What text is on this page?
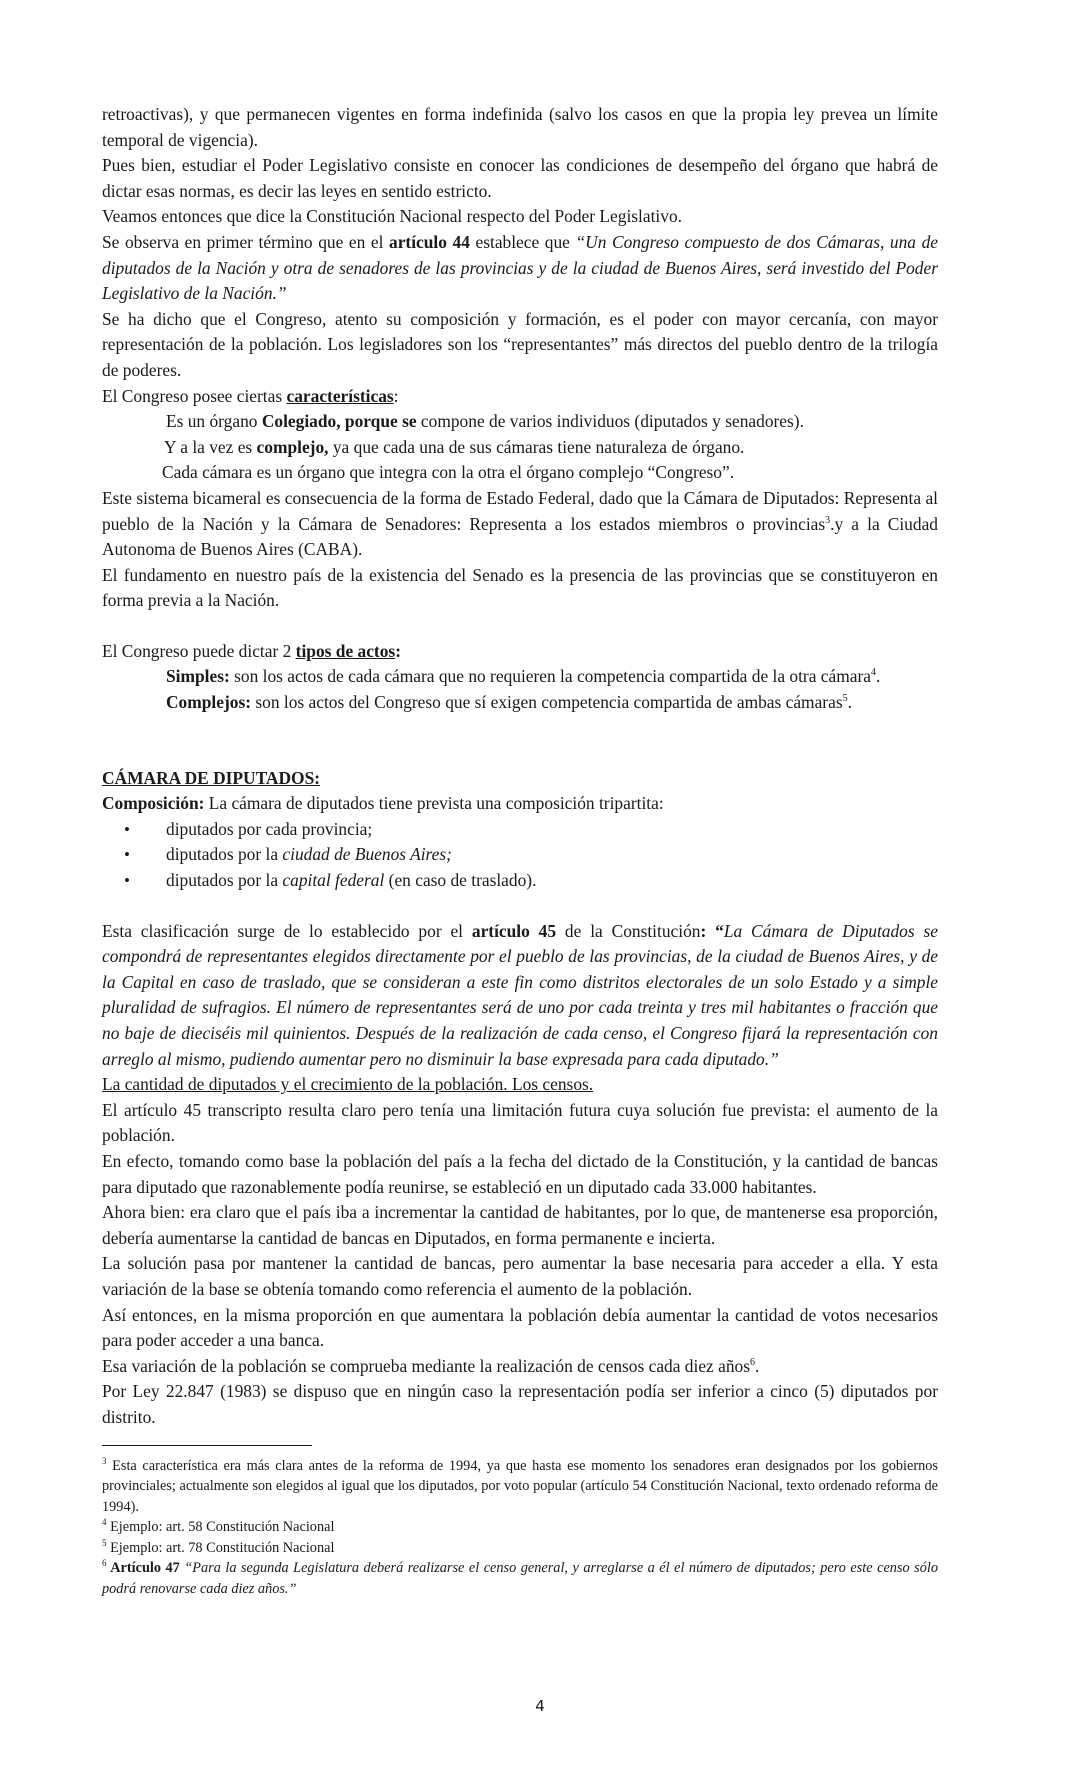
retroactivas), y que permanecen vigentes en forma indefinida (salvo los casos en que la propia ley prevea un límite temporal de vigencia).

Pues bien, estudiar el Poder Legislativo consiste en conocer las condiciones de desempeño del órgano que habrá de dictar esas normas, es decir las leyes en sentido estricto.

Veamos entonces que dice la Constitución Nacional respecto del Poder Legislativo.

Se observa en primer término que en el artículo 44 establece que “Un Congreso compuesto de dos Cámaras, una de diputados de la Nación y otra de senadores de las provincias y de la ciudad de Buenos Aires, será investido del Poder Legislativo de la Nación.”

Se ha dicho que el Congreso, atento su composición y formación, es el poder con mayor cercanía, con mayor representación de la población. Los legisladores son los “representantes” más directos del pueblo dentro de la trilogía de poderes.

El Congreso posee ciertas características:

Es un órgano Colegiado, porque se compone de varios individuos (diputados y senadores).

Y a la vez es complejo, ya que cada una de sus cámaras tiene naturaleza de órgano.

Cada cámara es un órgano que integra con la otra el órgano complejo “Congreso”.

Este sistema bicameral es consecuencia de la forma de Estado Federal, dado que la Cámara de Diputados: Representa al pueblo de la Nación y la Cámara de Senadores: Representa a los estados miembros o provincias$^3$.y a la Ciudad Autonoma de Buenos Aires (CABA).

El fundamento en nuestro país de la existencia del Senado es la presencia de las provincias que se constituyeron en forma previa a la Nación.

El Congreso puede dictar 2 tipos de actos:

Simples: son los actos de cada cámara que no requieren la competencia compartida de la otra cámara$^4$.

Complejos: son los actos del Congreso que sí exigen competencia compartida de ambas cámaras$^5$.

CÁMARA DE DIPUTADOS:

Composición: La cámara de diputados tiene prevista una composición tripartita:

• diputados por cada provincia;
• diputados por la ciudad de Buenos Aires;
• diputados por la capital federal (en caso de traslado).

Esta clasificación surge de lo establecido por el artículo 45 de la Constitución: “La Cámara de Diputados se compondrá de representantes elegidos directamente por el pueblo de las provincias, de la ciudad de Buenos Aires, y de la Capital en caso de traslado, que se consideran a este fin como distritos electorales de un solo Estado y a simple pluralidad de sufragios. El número de representantes será de uno por cada treinta y tres mil habitantes o fracción que no baje de dieciséis mil quinientos. Después de la realización de cada censo, el Congreso fijará la representación con arreglo al mismo, pudiendo aumentar pero no disminuir la base expresada para cada diputado.”

La cantidad de diputados y el crecimiento de la población. Los censos.

El artículo 45 transcripto resulta claro pero tenía una limitación futura cuya solución fue prevista: el aumento de la población.

En efecto, tomando como base la población del país a la fecha del dictado de la Constitución, y la cantidad de bancas para diputado que razonablemente podía reunirse, se estableció en un diputado cada 33.000 habitantes.

Ahora bien: era claro que el país iba a incrementar la cantidad de habitantes, por lo que, de mantenerse esa proporción, debería aumentarse la cantidad de bancas en Diputados, en forma permanente e incierta.

La solución pasa por mantener la cantidad de bancas, pero aumentar la base necesaria para acceder a ella. Y esta variación de la base se obtenía tomando como referencia el aumento de la población.

Así entonces, en la misma proporción en que aumentara la población debía aumentar la cantidad de votos necesarios para poder acceder a una banca.

Esa variación de la población se comprueba mediante la realización de censos cada diez años$^6$.

Por Ley 22.847 (1983) se dispuso que en ningún caso la representación podía ser inferior a cinco (5) diputados por distrito.

$^3$ Esta característica era más clara antes de la reforma de 1994, ya que hasta ese momento los senadores eran designados por los gobiernos provinciales; actualmente son elegidos al igual que los diputados, por voto popular (artículo 54 Constitución Nacional, texto ordenado reforma de 1994).

$^4$ Ejemplo: art. 58 Constitución Nacional

$^5$ Ejemplo: art. 78 Constitución Nacional

$^6$ Artículo 47 “Para la segunda Legislatura deberá realizarse el censo general, y arreglarse a él el número de diputados; pero este censo sólo podrá renovarse cada diez años.”

4
